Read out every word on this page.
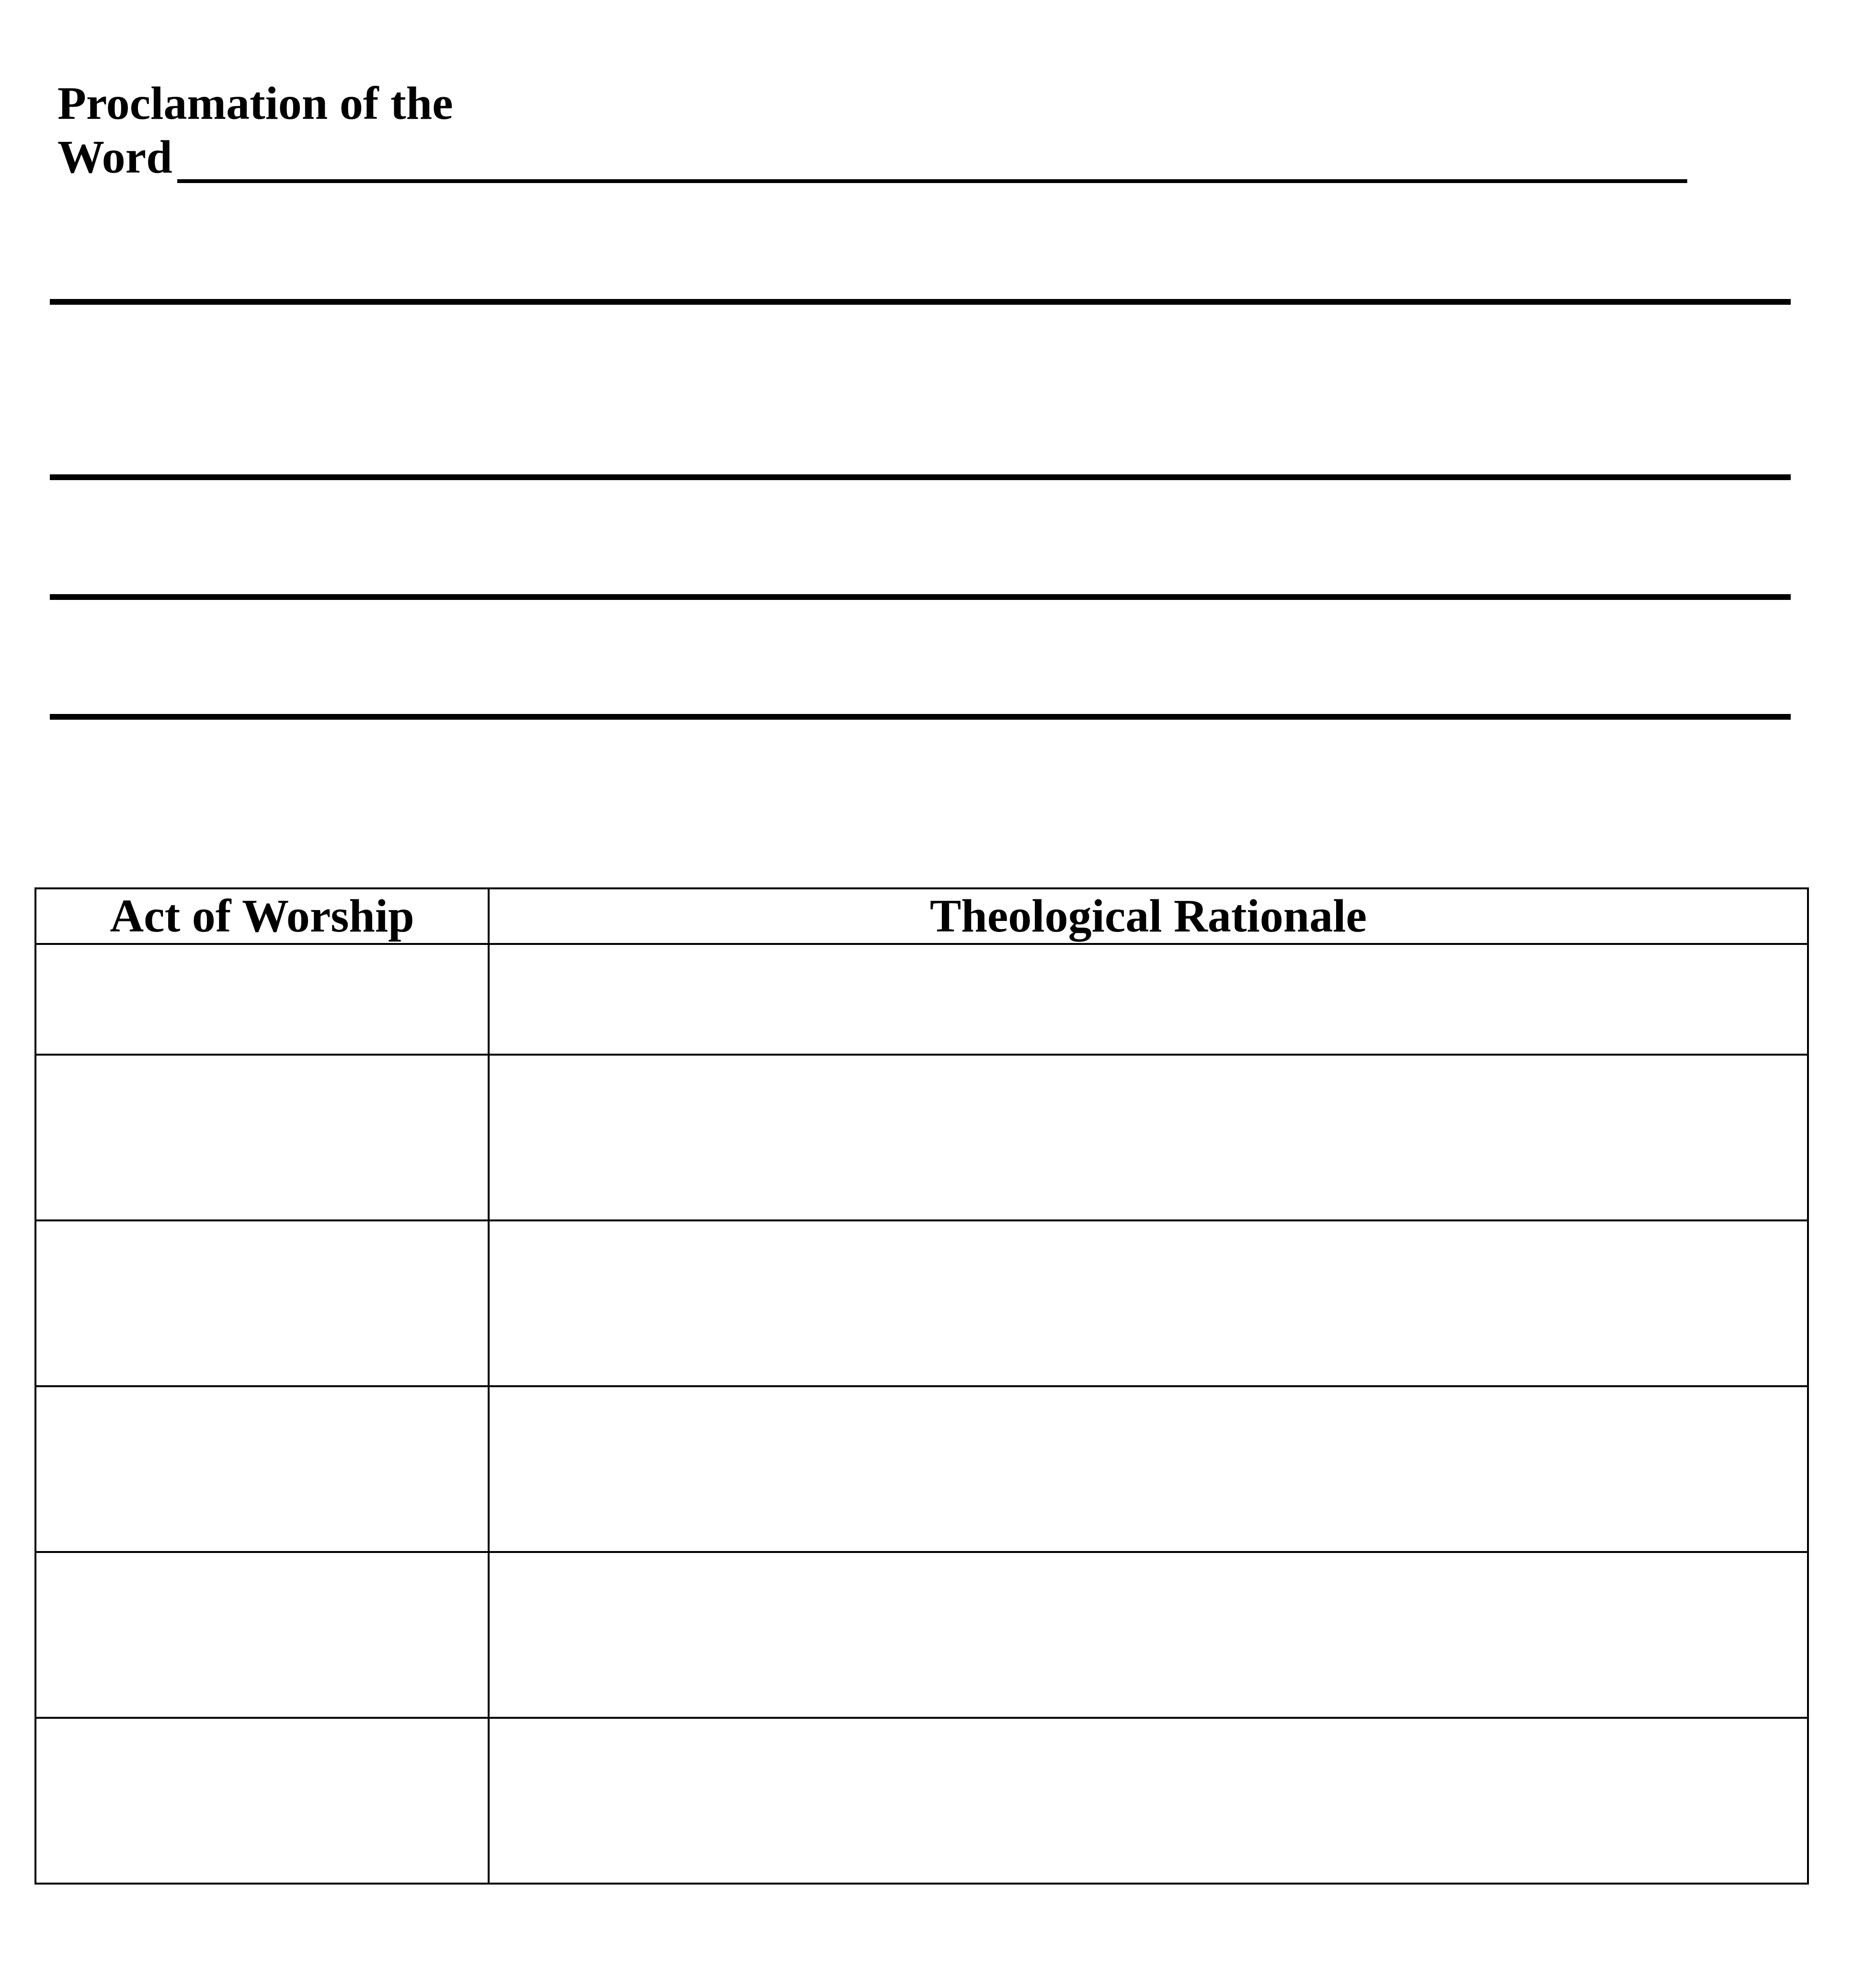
Proclamation of the
Word
Act of Worship	Theological Rationale
